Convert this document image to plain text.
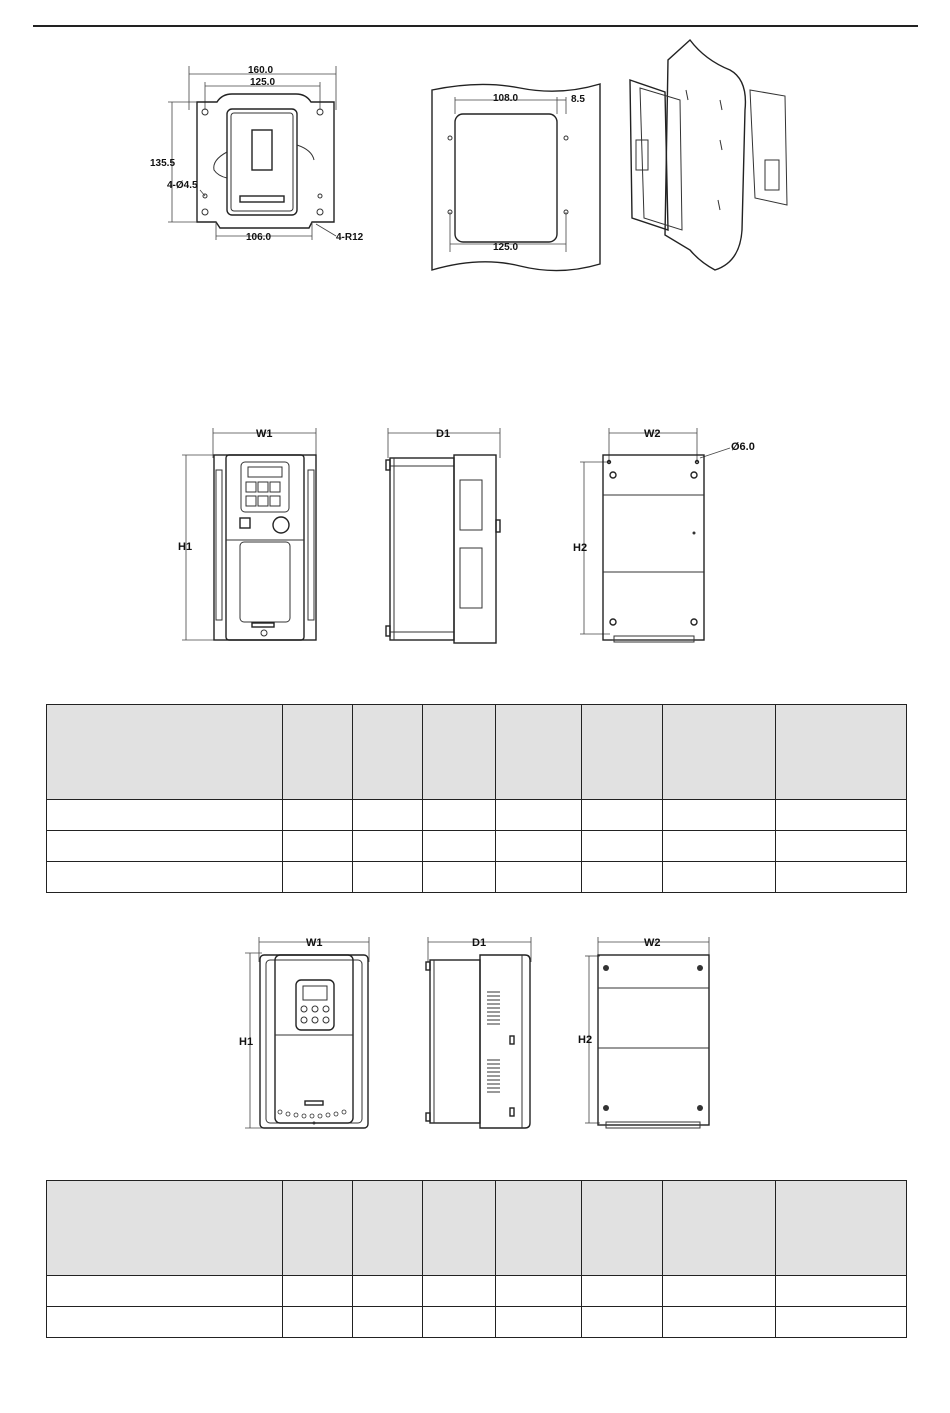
160.0
125.0
135.5
4-Ø4.5
106.0	4-R12
108.0	8.5
125.0
W1
H1
D1	W2
Ø6.0
H2

W1
H1
D1	W2
H2
